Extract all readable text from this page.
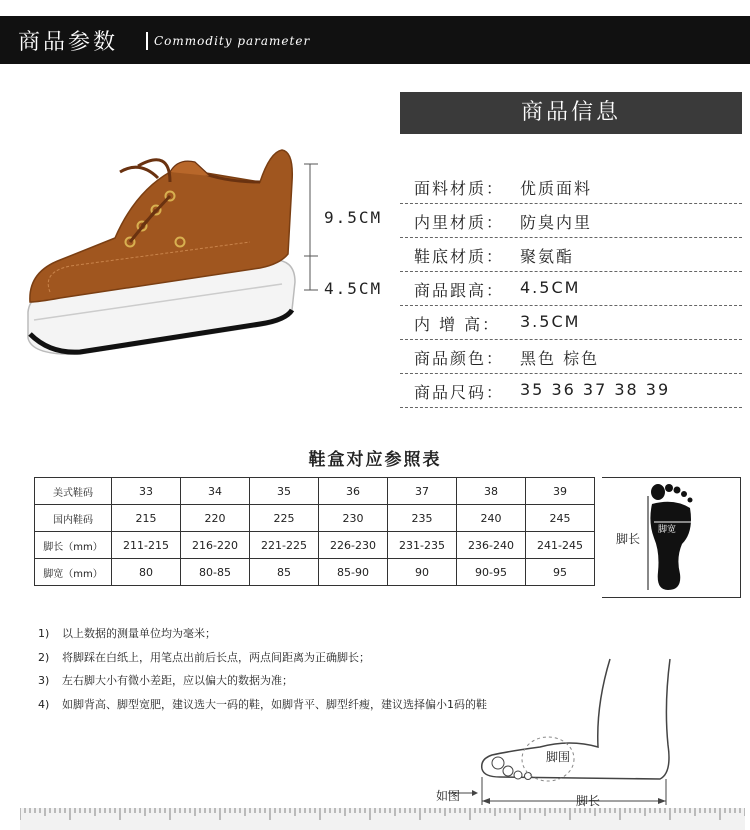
商品参数	Commodity parameter
9.5CM
4.5CM
商品信息
面料材质： 优质面料
内里材质： 防臭内里
鞋底材质： 聚氨酯
商品跟高： 4.5CM
内 增 高： 3.5CM
商品颜色： 黑色 棕色
商品尺码： 35 36 37 38 39
鞋盒对应参照表
美式鞋码	33	34	35	36	37	38	39
国内鞋码	215	220	225	230	235	240	245
脚长（mm）	211-215	216-220	221-225	226-230	231-235	236-240	241-245
脚宽（mm）	80	80-85	85	85-90	90	90-95	95
脚长
脚宽
1) 以上数据的测量单位均为毫米；
2) 将脚踩在白纸上，用笔点出前后长点，两点间距离为正确脚长；
3) 左右脚大小有微小差距，应以偏大的数据为准；
4) 如脚背高、脚型宽肥，建议选大一码的鞋，如脚背平、脚型纤瘦，建议选择偏小1码的鞋
脚围
脚长
如图
